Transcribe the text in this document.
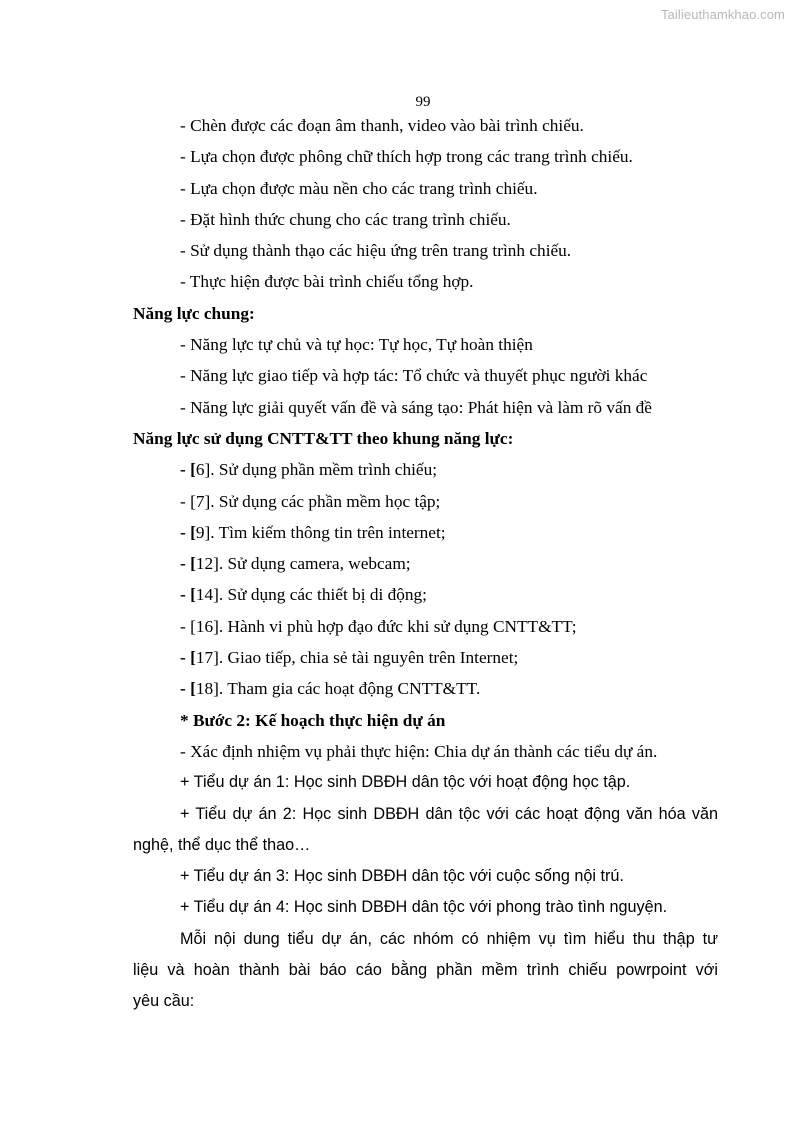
Tailieuthamkhao.com
99
- Chèn được các đoạn âm thanh, video vào bài trình chiếu.
- Lựa chọn được phông chữ thích hợp trong các trang trình chiếu.
- Lựa chọn được màu nền cho các trang trình chiếu.
- Đặt hình thức chung cho các trang trình chiếu.
- Sử dụng thành thạo các hiệu ứng trên trang trình chiếu.
- Thực hiện được bài trình chiếu tổng hợp.
Năng lực chung:
- Năng lực tự chủ và tự học: Tự học, Tự hoàn thiện
- Năng lực giao tiếp và hợp tác: Tổ chức và thuyết phục người khác
- Năng lực giải quyết vấn đề và sáng tạo: Phát hiện và làm rõ vấn đề
Năng lực sử dụng CNTT&TT theo khung năng lực:
- [6]. Sử dụng phần mềm trình chiếu;
- [7]. Sử dụng các phần mềm học tập;
- [9]. Tìm kiếm thông tin trên internet;
- [12]. Sử dụng camera, webcam;
- [14]. Sử dụng các thiết bị di động;
- [16]. Hành vi phù hợp đạo đức khi sử dụng CNTT&TT;
- [17]. Giao tiếp, chia sẻ tài nguyên trên Internet;
- [18]. Tham gia các hoạt động CNTT&TT.
* Bước 2: Kế hoạch thực hiện dự án
- Xác định nhiệm vụ phải thực hiện: Chia dự án thành các tiểu dự án.
+ Tiểu dự án 1: Học sinh DBĐH dân tộc với hoạt động học tập.
+ Tiểu dự án 2: Học sinh DBĐH dân tộc với các hoạt động văn hóa văn
nghệ, thể dục thể thao…
+ Tiểu dự án 3: Học sinh DBĐH dân tộc với cuộc sống nội trú.
+ Tiểu dự án 4: Học sinh DBĐH dân tộc với phong trào tình nguyện.
Mỗi nội dung tiểu dự án, các nhóm có nhiệm vụ tìm hiểu thu thập tư
liệu và hoàn thành bài báo cáo bằng phần mềm trình chiếu powrpoint với
yêu cầu:
